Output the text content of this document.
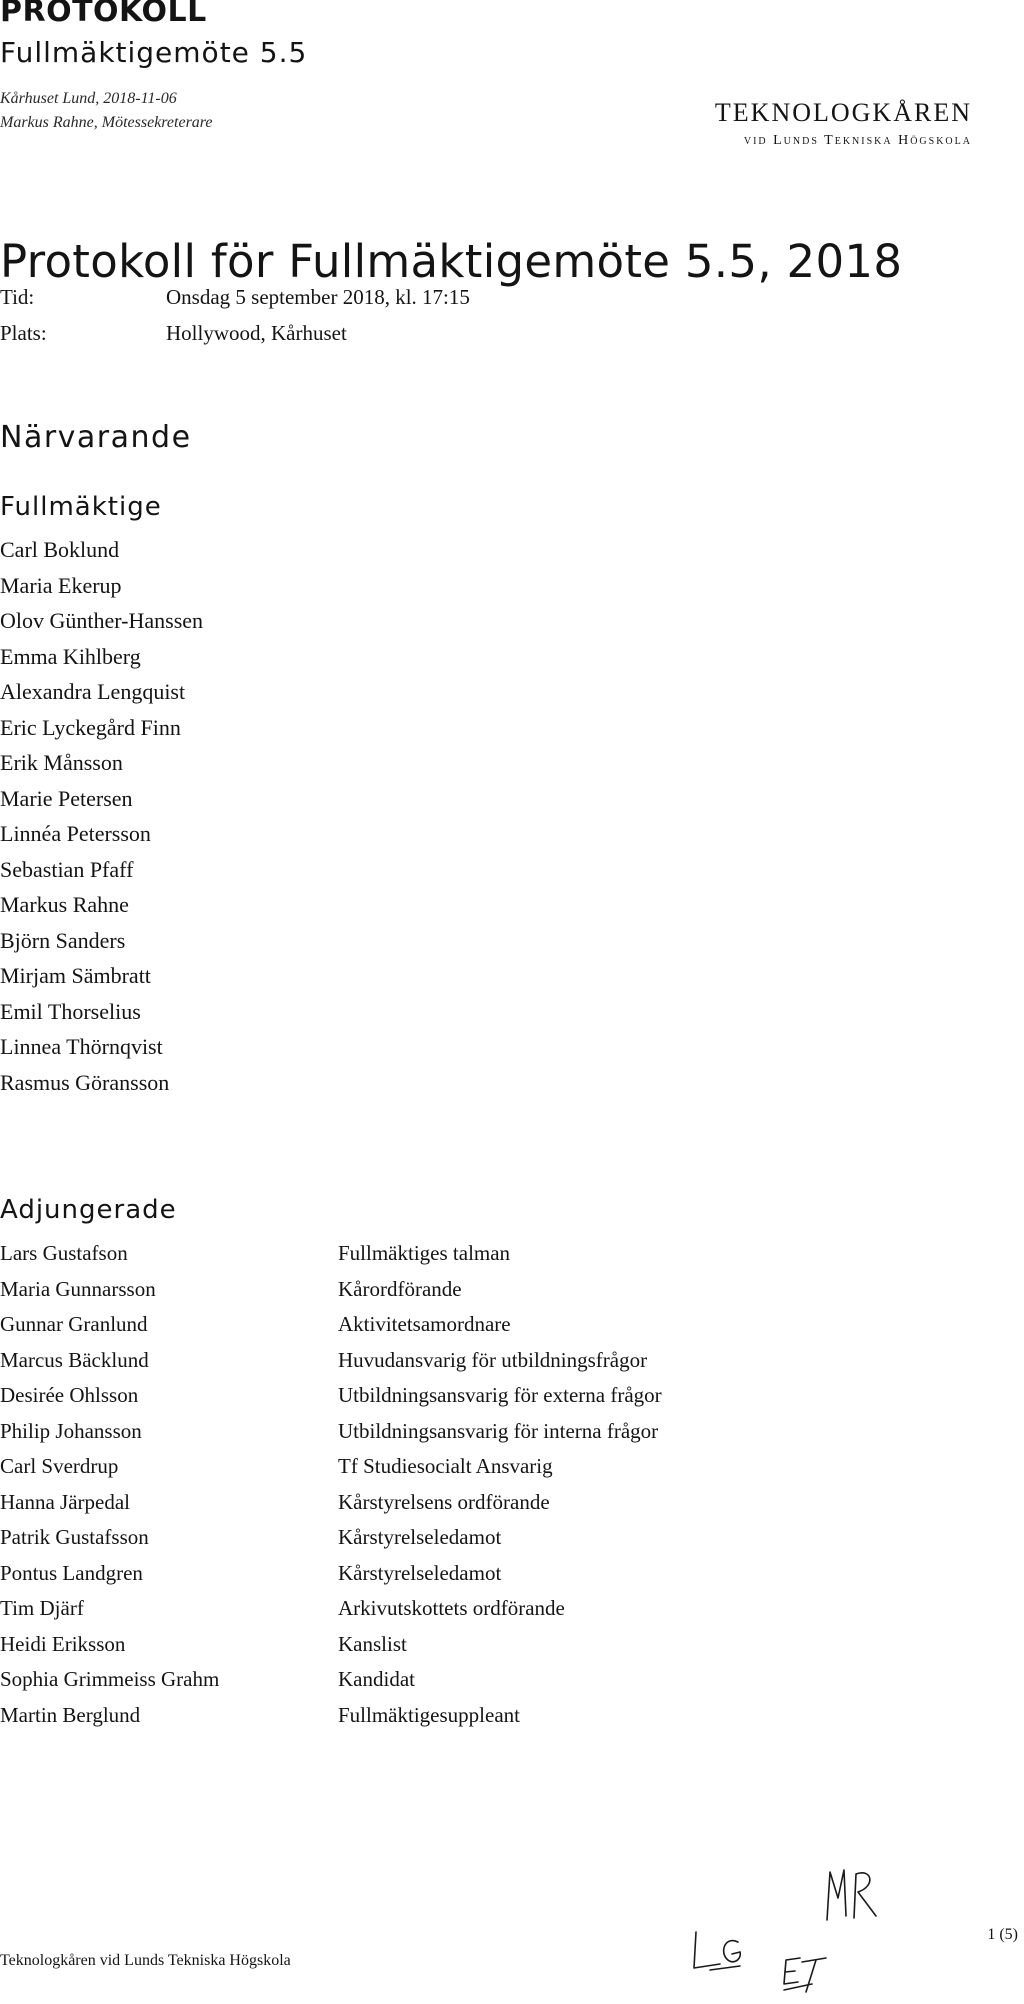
PROTOKOLL
Fullmäktigemöte 5.5
Kårhuset Lund, 2018-11-06
Markus Rahne, Mötessekreterare	TEKNOLOGKÅREN
vid Lunds Tekniska Högskola
Protokoll för Fullmäktigemöte 5.5, 2018
Tid:	Onsdag 5 september 2018, kl. 17:15
Plats:	Hollywood, Kårhuset
Närvarande
Fullmäktige
Carl Boklund
Maria Ekerup
Olov Günther-Hanssen
Emma Kihlberg
Alexandra Lengquist
Eric Lyckegård Finn
Erik Månsson
Marie Petersen
Linnéa Petersson
Sebastian Pfaff
Markus Rahne
Björn Sanders
Mirjam Sämbratt
Emil Thorselius
Linnea Thörnqvist
Rasmus Göransson
Adjungerade
Lars Gustafson	Fullmäktiges talman
Maria Gunnarsson	Kårordförande
Gunnar Granlund	Aktivitetsamordnare
Marcus Bäcklund	Huvudansvarig för utbildningsfrågor
Desirée Ohlsson	Utbildningsansvarig för externa frågor
Philip Johansson	Utbildningsansvarig för interna frågor
Carl Sverdrup	Tf Studiesocialt Ansvarig
Hanna Järpedal	Kårstyrelsens ordförande
Patrik Gustafsson	Kårstyrelseledamot
Pontus Landgren	Kårstyrelseledamot
Tim Djärf	Arkivutskottets ordförande
Heidi Eriksson	Kanslist
Sophia Grimmeiss Grahm	Kandidat
Martin Berglund	Fullmäktigesuppleant
Teknologkåren vid Lunds Tekniska Högskola
1 (5)
